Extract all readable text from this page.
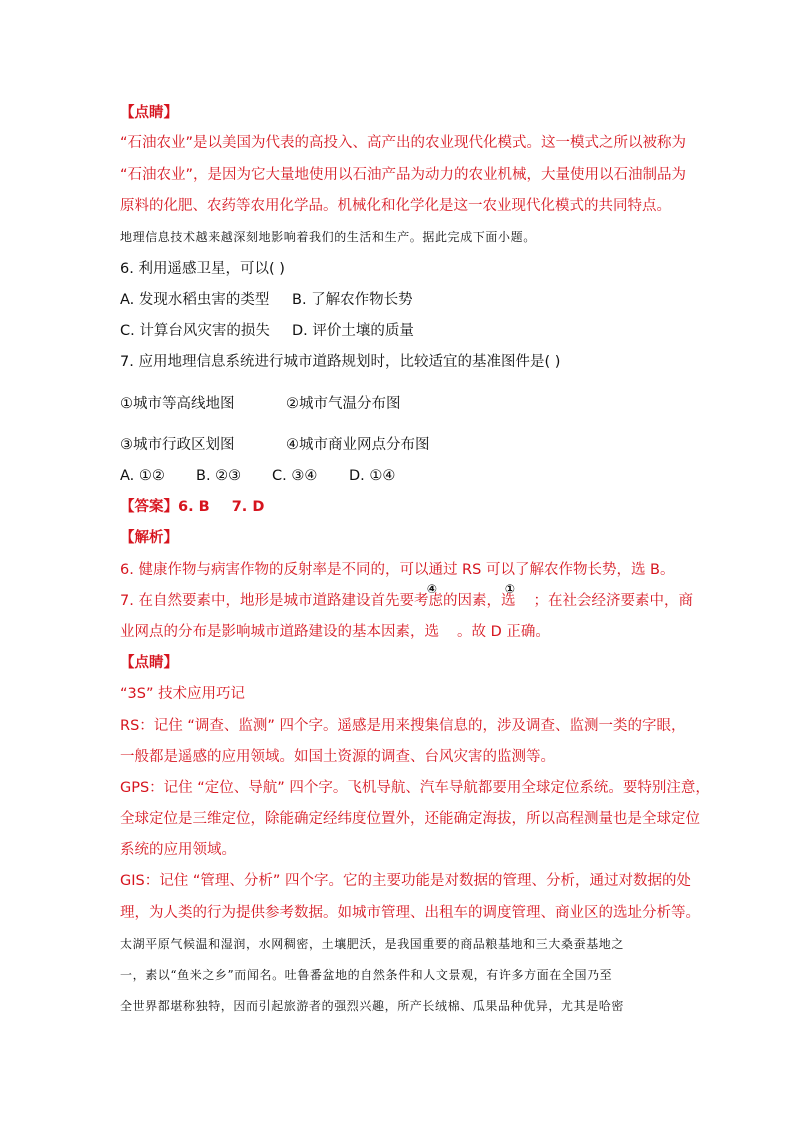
【点睛】
“石油农业”是以美国为代表的高投入、高产出的农业现代化模式。这一模式之所以被称为
“石油农业”，是因为它大量地使用以石油产品为动力的农业机械，大量使用以石油制品为
原料的化肥、农药等农用化学品。机械化和化学化是这一农业现代化模式的共同特点。
地理信息技术越来越深刻地影响着我们的生活和生产。据此完成下面小题。
6. 利用遥感卫星，可以( )
A. 发现水稻虫害的类型 B. 了解农作物长势
C. 计算台风灾害的损失 D. 评价土壤的质量
7. 应用地理信息系统进行城市道路规划时，比较适宜的基准图件是( )
①城市等高线地图	②城市气温分布图
③城市行政区划图	④城市商业网点分布图
A. ①② B. ②③ C. ③④ D. ①④
【答案】6. B 7. D
【解析】
6. 健康作物与病害作物的反射率是不同的，可以通过 RS 可以了解农作物长势，选 B。
7. 在自然要素中，地形是城市道路建设首先要考虑的因素，选 ；在社会经济要素中，商
④	①
业网点的分布是影响城市道路建设的基本因素，选 。故 D 正确。
【点睛】
“3S” 技术应用巧记
RS：记住 “调查、监测” 四个字。遥感是用来搜集信息的，涉及调查、监测一类的字眼，
一般都是遥感的应用领域。如国土资源的调查、台风灾害的监测等。
GPS：记住 “定位、导航” 四个字。飞机导航、汽车导航都要用全球定位系统。要特别注意，
全球定位是三维定位，除能确定经纬度位置外，还能确定海拔，所以高程测量也是全球定位
系统的应用领域。
GIS：记住 “管理、分析” 四个字。它的主要功能是对数据的管理、分析，通过对数据的处
理，为人类的行为提供参考数据。如城市管理、出租车的调度管理、商业区的选址分析等。
太湖平原气候温和湿润，水网稠密，土壤肥沃，是我国重要的商品粮基地和三大桑蚕基地之
一，素以“鱼米之乡”而闻名。吐鲁番盆地的自然条件和人文景观，有许多方面在全国乃至
全世界都堪称独特，因而引起旅游者的强烈兴趣，所产长绒棉、瓜果品种优异，尤其是哈密
